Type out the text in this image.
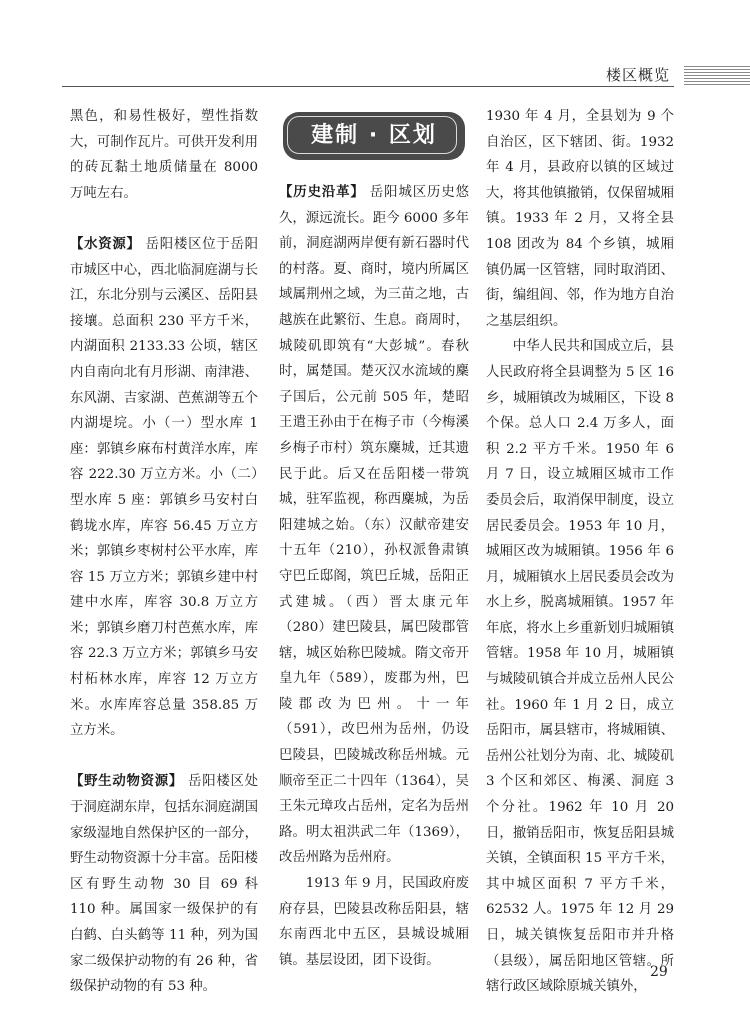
楼区概览

黑色，和易性极好，塑性指数大，可制作瓦片。可供开发利用的砖瓦黏土地质储量在 8000 万吨左右。

【水资源】 岳阳楼区位于岳阳市城区中心，西北临洞庭湖与长江，东北分别与云溪区、岳阳县接壤。总面积 230 平方千米，内湖面积 2133.33 公顷，辖区内自南向北有月形湖、南津港、东风湖、吉家湖、芭蕉湖等五个内湖堤垸。小（一）型水库 1 座：郭镇乡麻布村黄洋水库，库容 222.30 万立方米。小（二）型水库 5 座：郭镇乡马安村白鹤垅水库，库容 56.45 万立方米；郭镇乡枣树村公平水库，库容 15 万立方米；郭镇乡建中村建中水库，库容 30.8 万立方米；郭镇乡磨刀村芭蕉水库，库容 22.3 万立方米；郭镇乡马安村柘林水库，库容 12 万立方米。水库库容总量 358.85 万立方米。

【野生动物资源】 岳阳楼区处于洞庭湖东岸，包括东洞庭湖国家级湿地自然保护区的一部分，野生动物资源十分丰富。岳阳楼区有野生动物 30 目 69 科 110 种。属国家一级保护的有白鹤、白头鹤等 11 种，列为国家二级保护动物的有 26 种，省级保护动物的有 53 种。

建制 · 区划

【历史沿革】 岳阳城区历史悠久，源远流长。距今 6000 多年前，洞庭湖两岸便有新石器时代的村落。夏、商时，境内所属区域属荆州之域，为三苗之地，古越族在此繁衍、生息。商周时，城陵矶即筑有“大彭城”。春秋时，属楚国。楚灭汉水流域的麇子国后，公元前 505 年，楚昭王遣王孙由于在梅子市（今梅溪乡梅子市村）筑东麇城，迁其遗民于此。后又在岳阳楼一带筑城，驻军监视，称西麇城，为岳阳建城之始。（东）汉献帝建安十五年（210），孙权派鲁肃镇守巴丘邸阁，筑巴丘城，岳阳正式建城。（西）晋太康元年（280）建巴陵县，属巴陵郡管辖，城区始称巴陵城。隋文帝开皇九年（589），废郡为州，巴陵郡改为巴州。十一年（591），改巴州为岳州，仍设巴陵县，巴陵城改称岳州城。元顺帝至正二十四年（1364），吴王朱元璋攻占岳州，定名为岳州路。明太祖洪武二年（1369），改岳州路为岳州府。

1913 年 9 月，民国政府废府存县，巴陵县改称岳阳县，辖东南西北中五区，县城设城厢镇。基层设团，团下设街。

1930 年 4 月，全县划为 9 个自治区，区下辖团、街。1932 年 4 月，县政府以镇的区域过大，将其他镇撤销，仅保留城厢镇。1933 年 2 月，又将全县 108 团改为 84 个乡镇，城厢镇仍属一区管辖，同时取消团、街，编组闾、邻，作为地方自治之基层组织。

中华人民共和国成立后，县人民政府将全县调整为 5 区 16 乡，城厢镇改为城厢区，下设 8 个保。总人口 2.4 万多人，面积 2.2 平方千米。1950 年 6 月 7 日，设立城厢区城市工作委员会后，取消保甲制度，设立居民委员会。1953 年 10 月，城厢区改为城厢镇。1956 年 6 月，城厢镇水上居民委员会改为水上乡，脱离城厢镇。1957 年年底，将水上乡重新划归城厢镇管辖。1958 年 10 月，城厢镇与城陵矶镇合并成立岳州人民公社。1960 年 1 月 2 日，成立岳阳市，属县辖市，将城厢镇、岳州公社划分为南、北、城陵矶 3 个区和郊区、梅溪、洞庭 3 个分社。1962 年 10 月 20 日，撤销岳阳市，恢复岳阳县城关镇，全镇面积 15 平方千米，其中城区面积 7 平方千米，62532 人。1975 年 12 月 29 日，城关镇恢复岳阳市并升格（县级），属岳阳地区管辖。所辖行政区域除原城关镇外，

29
